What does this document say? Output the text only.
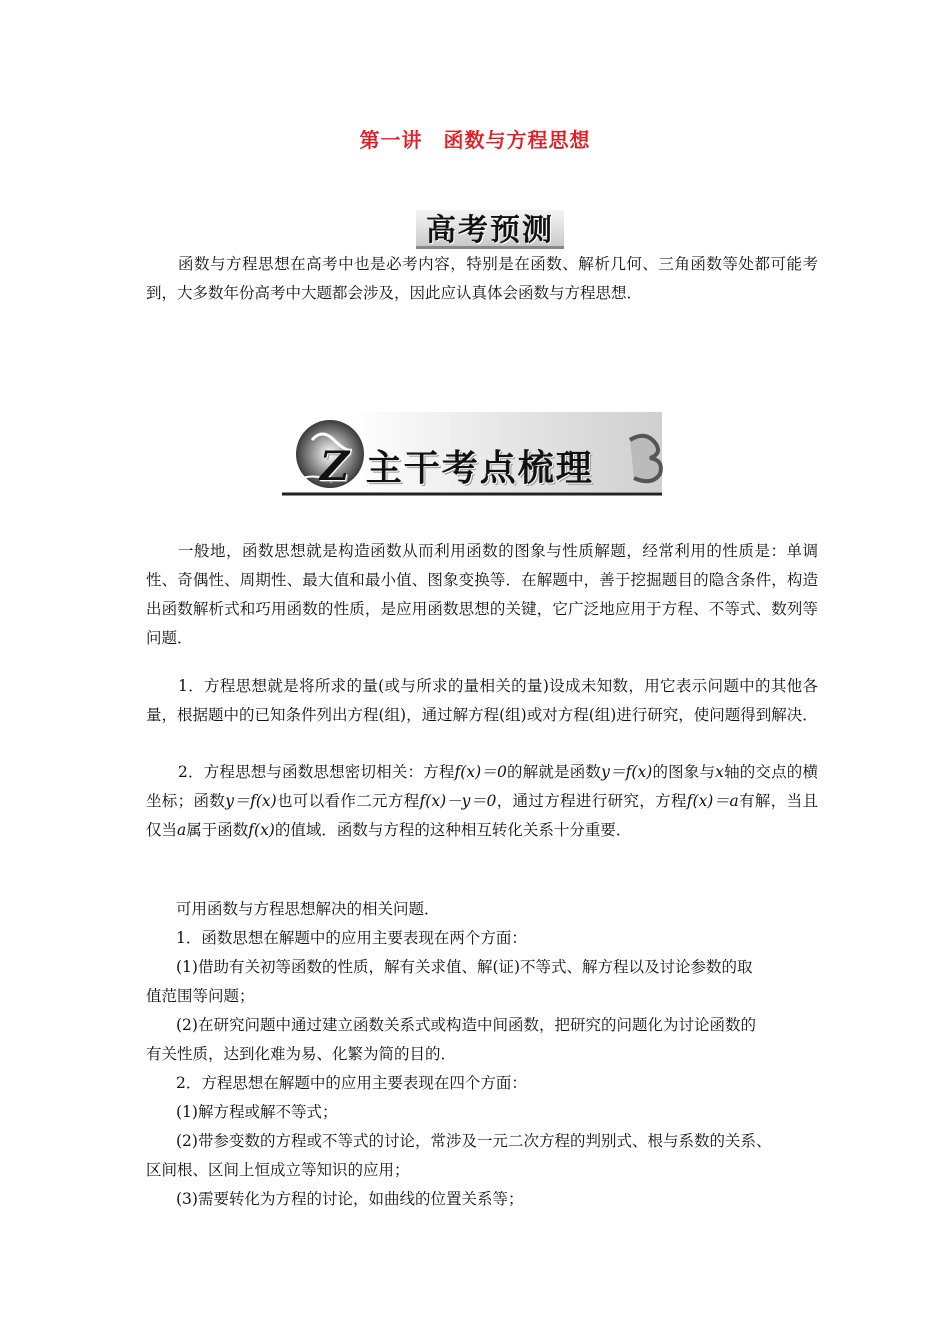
第一讲　函数与方程思想
高考预测

函数与方程思想在高考中也是必考内容，特别是在函数、解析几何、三角函数等处都可能考到，大多数年份高考中大题都会涉及，因此应认真体会函数与方程思想．

Z 主干考点梳理

一般地，函数思想就是构造函数从而利用函数的图象与性质解题，经常利用的性质是：单调性、奇偶性、周期性、最大值和最小值、图象变换等．在解题中，善于挖掘题目的隐含条件，构造出函数解析式和巧用函数的性质，是应用函数思想的关键，它广泛地应用于方程、不等式、数列等问题．

1．方程思想就是将所求的量(或与所求的量相关的量)设成未知数，用它表示问题中的其他各量，根据题中的已知条件列出方程(组)，通过解方程(组)或对方程(组)进行研究，使问题得到解决．

2．方程思想与函数思想密切相关：方程f(x)＝0的解就是函数y＝f(x)的图象与x轴的交点的横坐标；函数y＝f(x)也可以看作二元方程f(x)－y＝0，通过方程进行研究，方程f(x)＝a有解，当且仅当a属于函数f(x)的值域．函数与方程的这种相互转化关系十分重要．

可用函数与方程思想解决的相关问题．
1．函数思想在解题中的应用主要表现在两个方面：
(1)借助有关初等函数的性质，解有关求值、解(证)不等式、解方程以及讨论参数的取
值范围等问题；
(2)在研究问题中通过建立函数关系式或构造中间函数，把研究的问题化为讨论函数的
有关性质，达到化难为易、化繁为简的目的．
2．方程思想在解题中的应用主要表现在四个方面：
(1)解方程或解不等式；
(2)带参变数的方程或不等式的讨论，常涉及一元二次方程的判别式、根与系数的关系、
区间根、区间上恒成立等知识的应用；
(3)需要转化为方程的讨论，如曲线的位置关系等；
